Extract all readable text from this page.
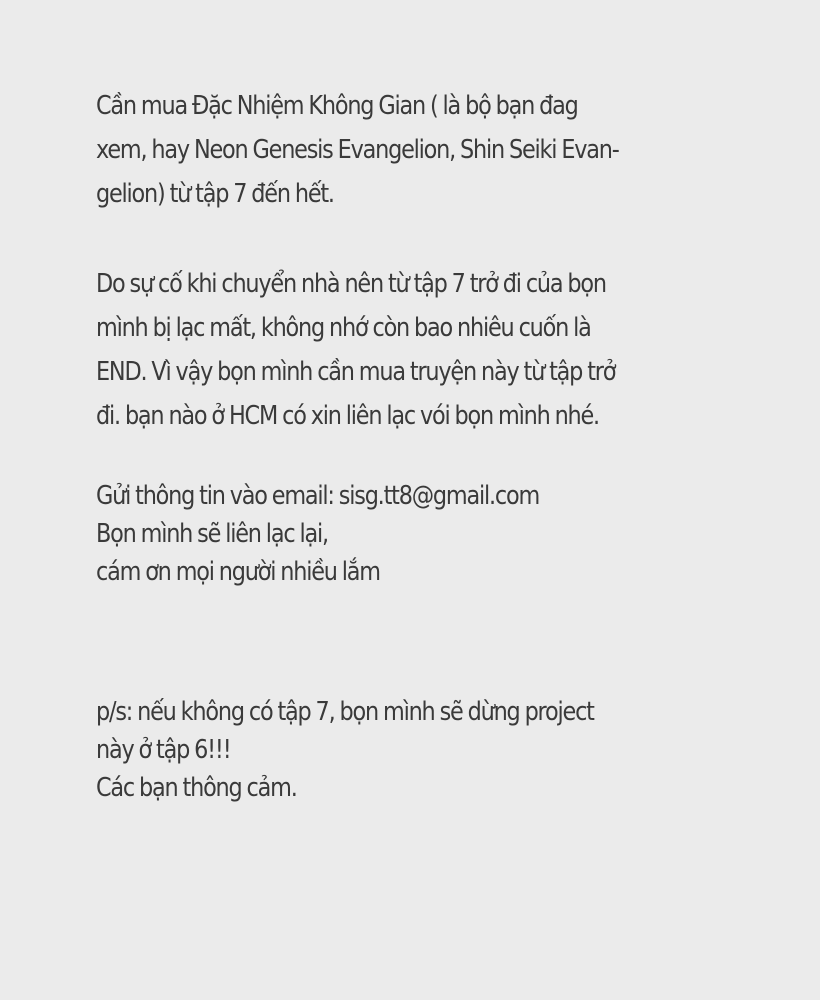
Cần mua Đặc Nhiệm Không Gian ( là bộ bạn đag
xem, hay Neon Genesis Evangelion, Shin Seiki Evan-
gelion) từ tập 7 đến hết.
Do sự cố khi chuyển nhà nên từ tập 7 trở đi của bọn
mình bị lạc mất, không nhớ còn bao nhiêu cuốn là
END. Vì vậy bọn mình cần mua truyện này từ tập trở
đi. bạn nào ở HCM có xin liên lạc vói bọn mình nhé.
Gửi thông tin vào email: sisg.tt8@gmail.com
Bọn mình sẽ liên lạc lại,
cám ơn mọi người nhiều lắm
p/s: nếu không có tập 7, bọn mình sẽ dừng project
này ở tập 6!!!
Các bạn thông cảm.
